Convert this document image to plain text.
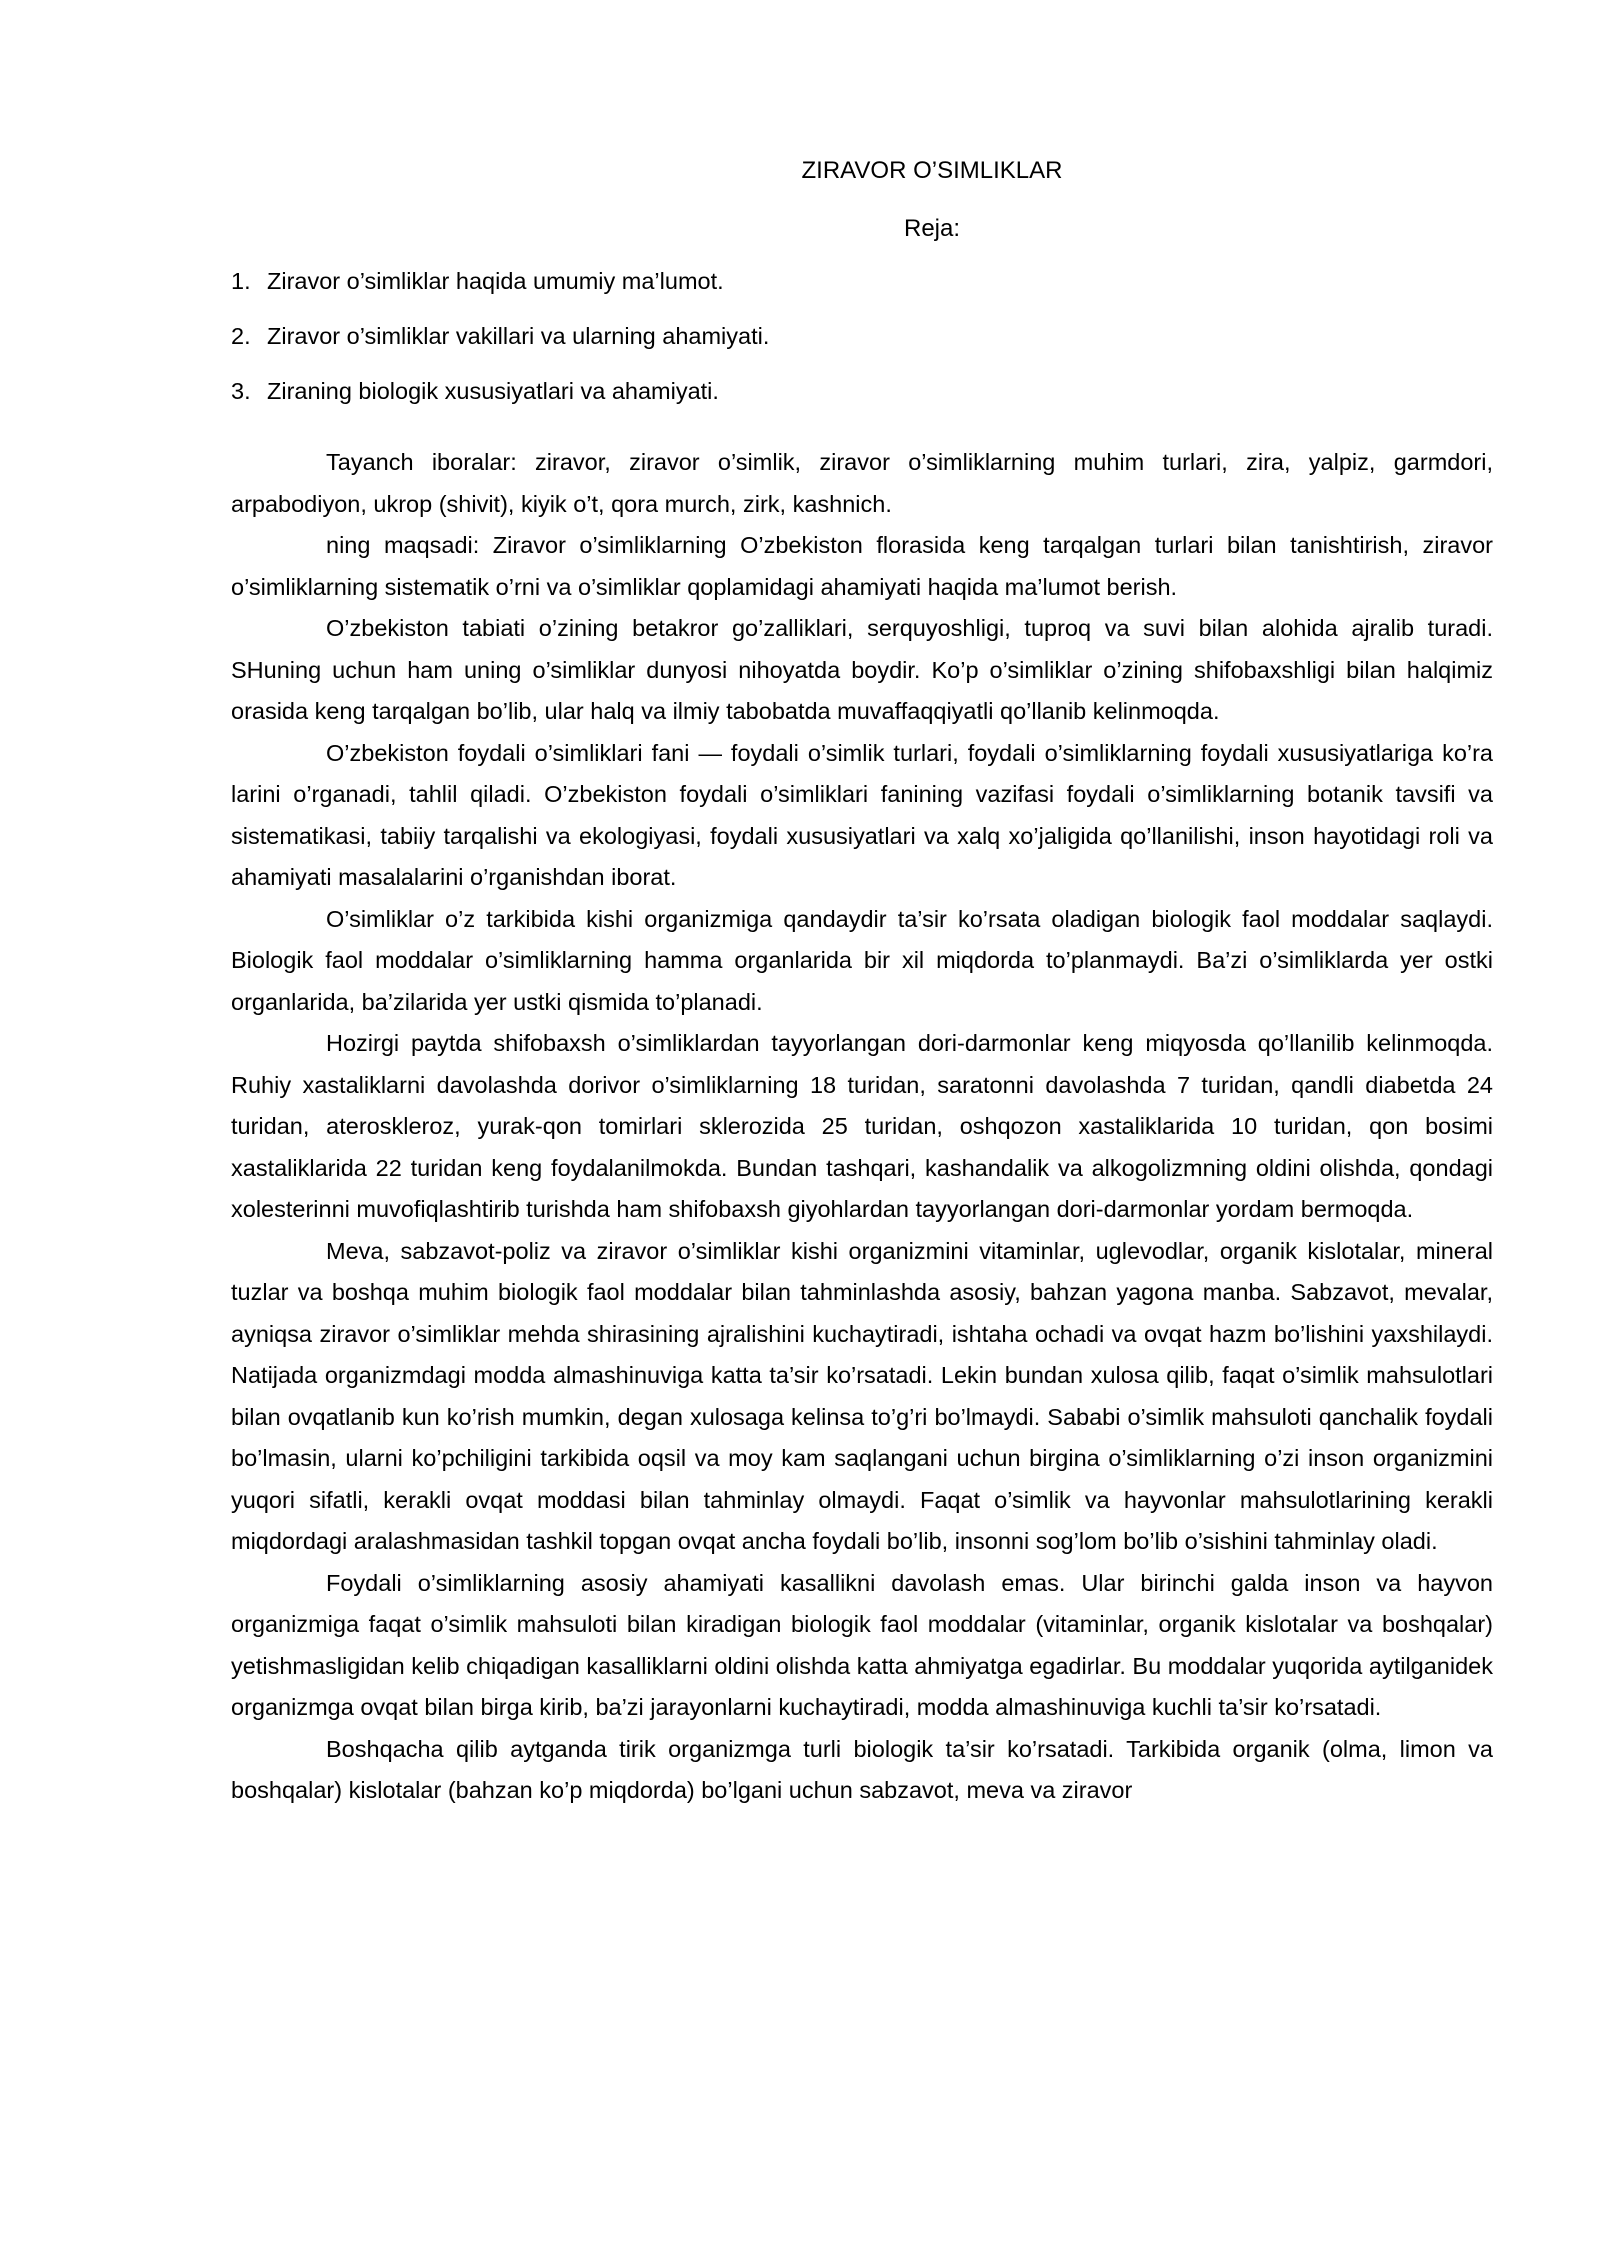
ZIRAVOR O’SIMLIKLAR
Reja:
1. Ziravor o’simliklar haqida umumiy ma’lumot.
2. Ziravor o’simliklar vakillari va ularning ahamiyati.
3. Ziraning biologik xususiyatlari va ahamiyati.

Tayanch iboralar: ziravor, ziravor o’simlik, ziravor o’simliklarning muhim turlari, zira, yalpiz, garmdori, arpabodiyon, ukrop (shivit), kiyik o’t, qora murch, zirk, kashnich.

ning maqsadi: Ziravor o’simliklarning O’zbekiston florasida keng tarqalgan turlari bilan tanishtirish, ziravor o’simliklarning sistematik o’rni va o’simliklar qoplamidagi ahamiyati haqida ma’lumot berish.

O’zbekiston tabiati o’zining betakror go’zalliklari, serquyoshligi, tuproq va suvi bilan alohida ajralib turadi. SHuning uchun ham uning o’simliklar dunyosi nihoyatda boydir. Ko’p o’simliklar o’zining shifobaxshligi bilan halqimiz orasida keng tarqalgan bo’lib, ular halq va ilmiy tabobatda muvaffaqqiyatli qo’llanib kelinmoqda.

O’zbekiston foydali o’simliklari fani — foydali o’simlik turlari, foydali o’simliklarning foydali xususiyatlariga ko’ra larini o’rganadi, tahlil qiladi. O’zbekiston foydali o’simliklari fanining vazifasi foydali o’simliklarning botanik tavsifi va sistematikasi, tabiiy tarqalishi va ekologiyasi, foydali xususiyatlari va xalq xo’jaligida qo’llanilishi, inson hayotidagi roli va ahamiyati masalalarini o’rganishdan iborat.

O’simliklar o’z tarkibida kishi organizmiga qandaydir ta’sir ko’rsata oladigan biologik faol moddalar saqlaydi. Biologik faol moddalar o’simliklarning hamma organlarida bir xil miqdorda to’planmaydi. Ba’zi o’simliklarda yer ostki organlarida, ba’zilarida yer ustki qismida to’planadi.

Hozirgi paytda shifobaxsh o’simliklardan tayyorlangan dori-darmonlar keng miqyosda qo’llanilib kelinmoqda. Ruhiy xastaliklarni davolashda dorivor o’simliklarning 18 turidan, saratonni davolashda 7 turidan, qandli diabetda 24 turidan, ateroskleroz, yurak-qon tomirlari sklerozida 25 turidan, oshqozon xastaliklarida 10 turidan, qon bosimi xastaliklarida 22 turidan keng foydalanilmokda. Bundan tashqari, kashandalik va alkogolizmning oldini olishda, qondagi xolesterinni muvofiqlashtirib turishda ham shifobaxsh giyohlardan tayyorlangan dori-darmonlar yordam bermoqda.

Meva, sabzavot-poliz va ziravor o’simliklar kishi organizmini vitaminlar, uglevodlar, organik kislotalar, mineral tuzlar va boshqa muhim biologik faol moddalar bilan tahminlashda asosiy, bahzan yagona manba. Sabzavot, mevalar, ayniqsa ziravor o’simliklar mehda shirasining ajralishini kuchaytiradi, ishtaha ochadi va ovqat hazm bo’lishini yaxshilaydi. Natijada organizmdagi modda almashinuviga katta ta’sir ko’rsatadi. Lekin bundan xulosa qilib, faqat o’simlik mahsulotlari bilan ovqatlanib kun ko’rish mumkin, degan xulosaga kelinsa to’g’ri bo’lmaydi. Sababi o’simlik mahsuloti qanchalik foydali bo’lmasin, ularni ko’pchiligini tarkibida oqsil va moy kam saqlangani uchun birgina o’simliklarning o’zi inson organizmini yuqori sifatli, kerakli ovqat moddasi bilan tahminlay olmaydi. Faqat o’simlik va hayvonlar mahsulotlarining kerakli miqdordagi aralashmasidan tashkil topgan ovqat ancha foydali bo’lib, insonni sog’lom bo’lib o’sishini tahminlay oladi.

Foydali o’simliklarning asosiy ahamiyati kasallikni davolash emas. Ular birinchi galda inson va hayvon organizmiga faqat o’simlik mahsuloti bilan kiradigan biologik faol moddalar (vitaminlar, organik kislotalar va boshqalar) yetishmasligidan kelib chiqadigan kasalliklarni oldini olishda katta ahmiyatga egadirlar. Bu moddalar yuqorida aytilganidek organizmga ovqat bilan birga kirib, ba’zi jarayonlarni kuchaytiradi, modda almashinuviga kuchli ta’sir ko’rsatadi.

Boshqacha qilib aytganda tirik organizmga turli biologik ta’sir ko’rsatadi. Tarkibida organik (olma, limon va boshqalar) kislotalar (bahzan ko’p miqdorda) bo’lgani uchun sabzavot, meva va ziravor
